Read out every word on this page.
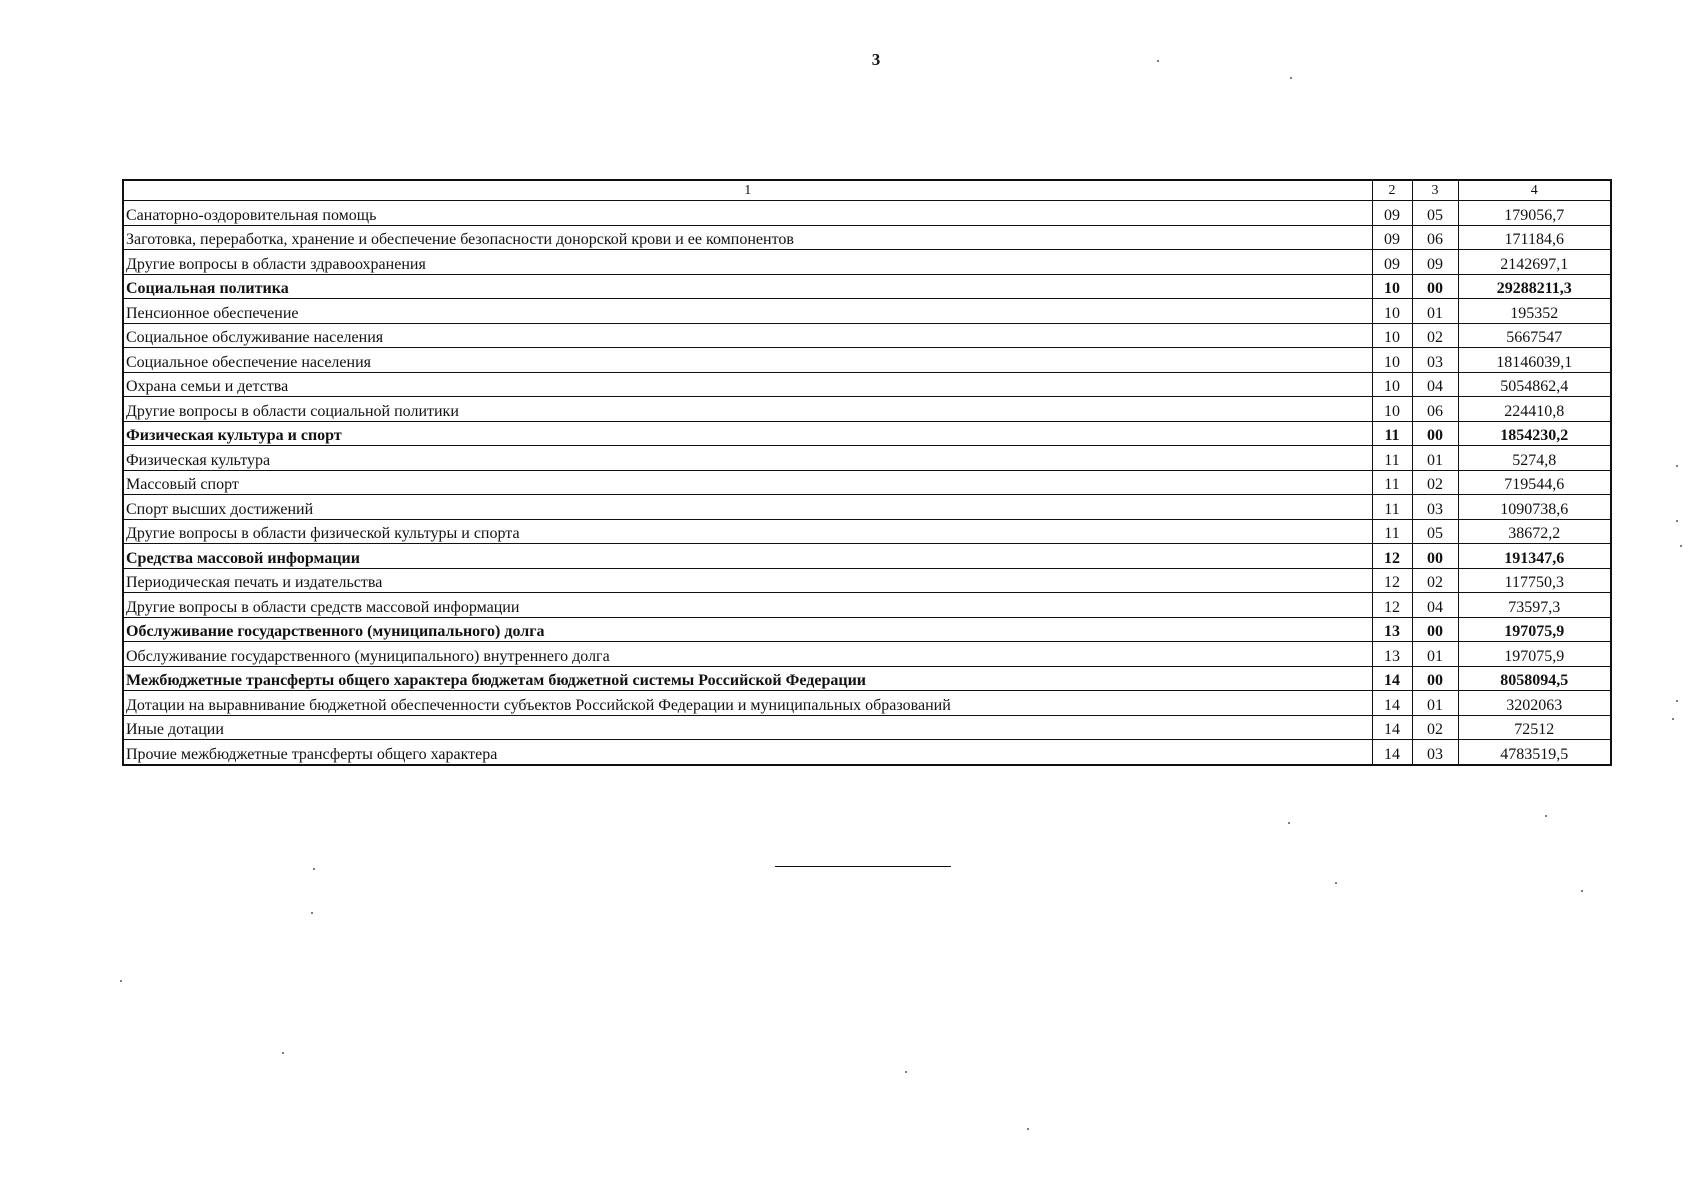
3
1	2	3	4
Санаторно-оздоровительная помощь	09	05	179056,7
Заготовка, переработка, хранение и обеспечение безопасности донорской крови и ее компонентов	09	06	171184,6
Другие вопросы в области здравоохранения	09	09	2142697,1
Социальная политика	10	00	29288211,3
Пенсионное обеспечение	10	01	195352
Социальное обслуживание населения	10	02	5667547
Социальное обеспечение населения	10	03	18146039,1
Охрана семьи и детства	10	04	5054862,4
Другие вопросы в области социальной политики	10	06	224410,8
Физическая культура и спорт	11	00	1854230,2
Физическая культура	11	01	5274,8
Массовый спорт	11	02	719544,6
Спорт высших достижений	11	03	1090738,6
Другие вопросы в области физической культуры и спорта	11	05	38672,2
Средства массовой информации	12	00	191347,6
Периодическая печать и издательства	12	02	117750,3
Другие вопросы в области средств массовой информации	12	04	73597,3
Обслуживание государственного (муниципального) долга	13	00	197075,9
Обслуживание государственного (муниципального) внутреннего долга	13	01	197075,9
Межбюджетные трансферты общего характера бюджетам бюджетной системы Российской Федерации	14	00	8058094,5
Дотации на выравнивание бюджетной обеспеченности субъектов Российской Федерации и муниципальных образований	14	01	3202063
Иные дотации	14	02	72512
Прочие межбюджетные трансферты общего характера	14	03	4783519,5
